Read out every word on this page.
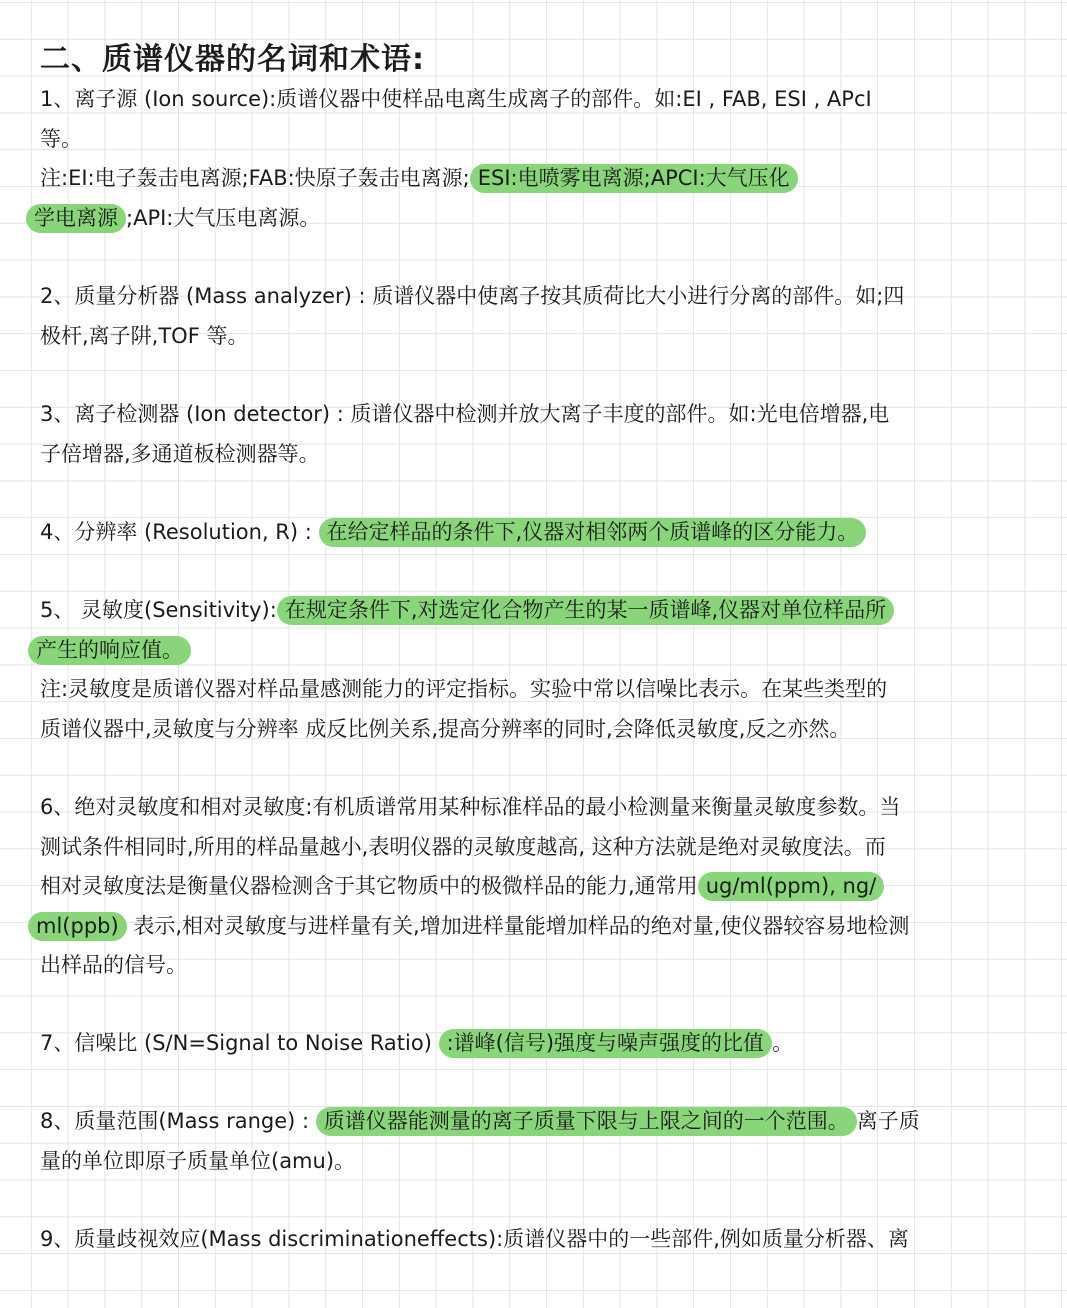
二、质谱仪器的名词和术语:
1、离子源 (Ion source):质谱仪器中使样品电离生成离子的部件。如:EI , FAB, ESI , APcI
等。
注:EI:电子轰击电离源;FAB:快原子轰击电离源; ESI:电喷雾电离源;APCI:大气压化
学电离源 ;API:大气压电离源。
2、质量分析器 (Mass analyzer) : 质谱仪器中使离子按其质荷比大小进行分离的部件。如;四
极杆,离子阱,TOF 等。
3、离子检测器 (Ion detector) : 质谱仪器中检测并放大离子丰度的部件。如:光电倍增器,电
子倍增器,多通道板检测器等。
4、分辨率 (Resolution, R) : 在给定样品的条件下,仪器对相邻两个质谱峰的区分能力。
5、 灵敏度(Sensitivity): 在规定条件下,对选定化合物产生的某一质谱峰,仪器对单位样品所
产生的响应值。
注:灵敏度是质谱仪器对样品量感测能力的评定指标。实验中常以信噪比表示。在某些类型的
质谱仪器中,灵敏度与分辨率 成反比例关系,提高分辨率的同时,会降低灵敏度,反之亦然。
6、绝对灵敏度和相对灵敏度:有机质谱常用某种标准样品的最小检测量来衡量灵敏度参数。当
测试条件相同时,所用的样品量越小,表明仪器的灵敏度越高, 这种方法就是绝对灵敏度法。而
相对灵敏度法是衡量仪器检测含于其它物质中的极微样品的能力,通常用 ug/ml(ppm), ng/
ml(ppb) 表示,相对灵敏度与进样量有关,增加进样量能增加样品的绝对量,使仪器较容易地检测
出样品的信号。
7、信噪比 (S/N=Signal to Noise Ratio) :谱峰(信号)强度与噪声强度的比值 。
8、质量范围(Mass range) : 质谱仪器能测量的离子质量下限与上限之间的一个范围。 离子质
量的单位即原子质量单位(amu)。
9、质量歧视效应(Mass discriminationeffects):质谱仪器中的一些部件,例如质量分析器、离
